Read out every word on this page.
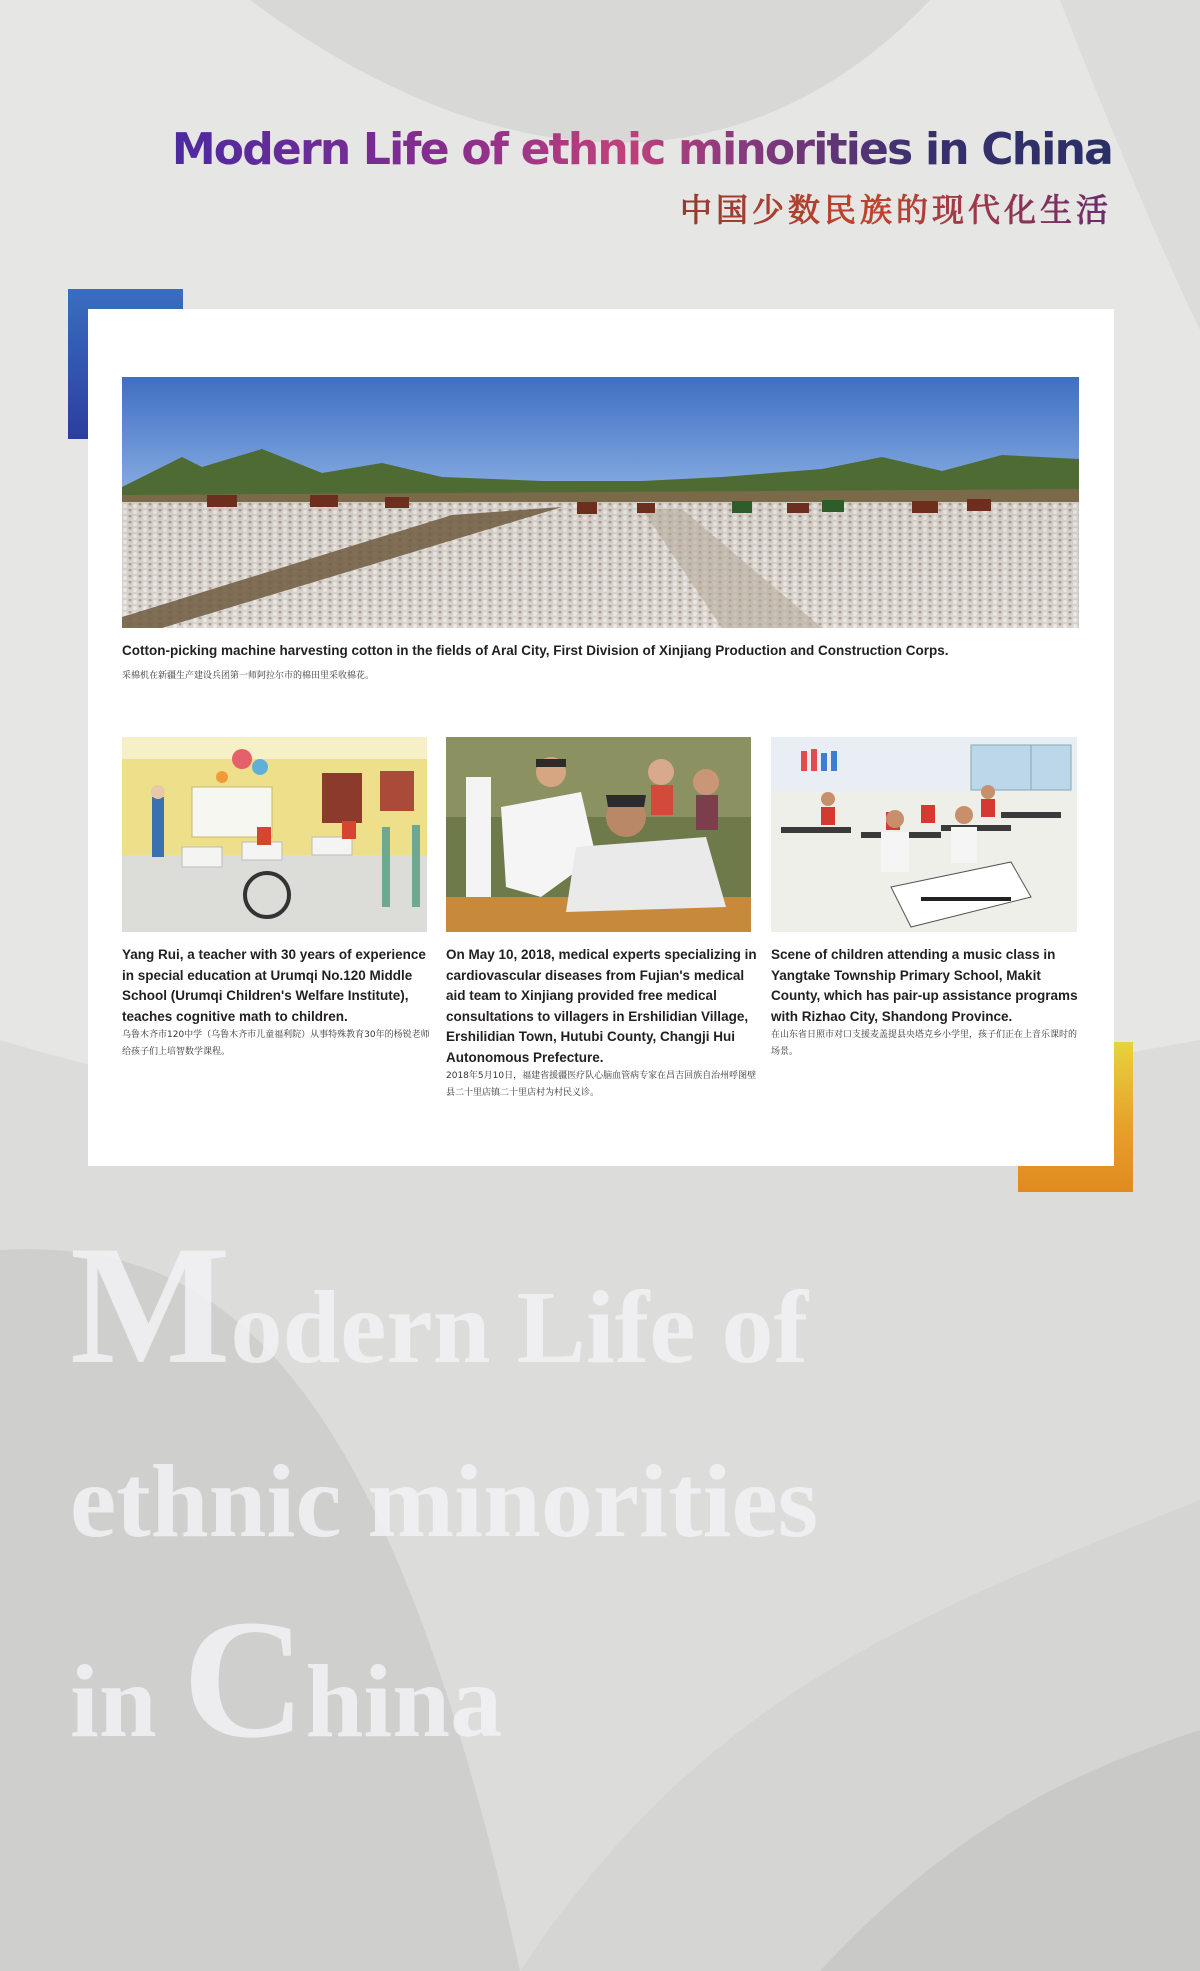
Modern Life of ethnic minorities in China
中国少数民族的现代化生活

Cotton-picking machine harvesting cotton in the fields of Aral City, First Division of Xinjiang Production and Construction Corps.

采棉机在新疆生产建设兵团第一师阿拉尔市的棉田里采收棉花。

Yang Rui, a teacher with 30 years of experience in special education at Urumqi No.120 Middle School (Urumqi Children's Welfare Institute), teaches cognitive math to children.

乌鲁木齐市120中学（乌鲁木齐市儿童福利院）从事特殊教育30年的杨锐老师给孩子们上培智数学课程。

On May 10, 2018, medical experts specializing in cardiovascular diseases from Fujian's medical aid team to Xinjiang provided free medical consultations to villagers in Ershilidian Village, Ershilidian Town, Hutubi County, Changji Hui Autonomous Prefecture.

2018年5月10日，福建省援疆医疗队心脑血管病专家在昌吉回族自治州呼图壁县二十里店镇二十里店村为村民义诊。

Scene of children attending a music class in Yangtake Township Primary School, Makit County, which has pair-up assistance programs with Rizhao City, Shandong Province.

在山东省日照市对口支援麦盖提县央塔克乡小学里，孩子们正在上音乐课时的场景。

Modern Life of
ethnic minorities
in China
